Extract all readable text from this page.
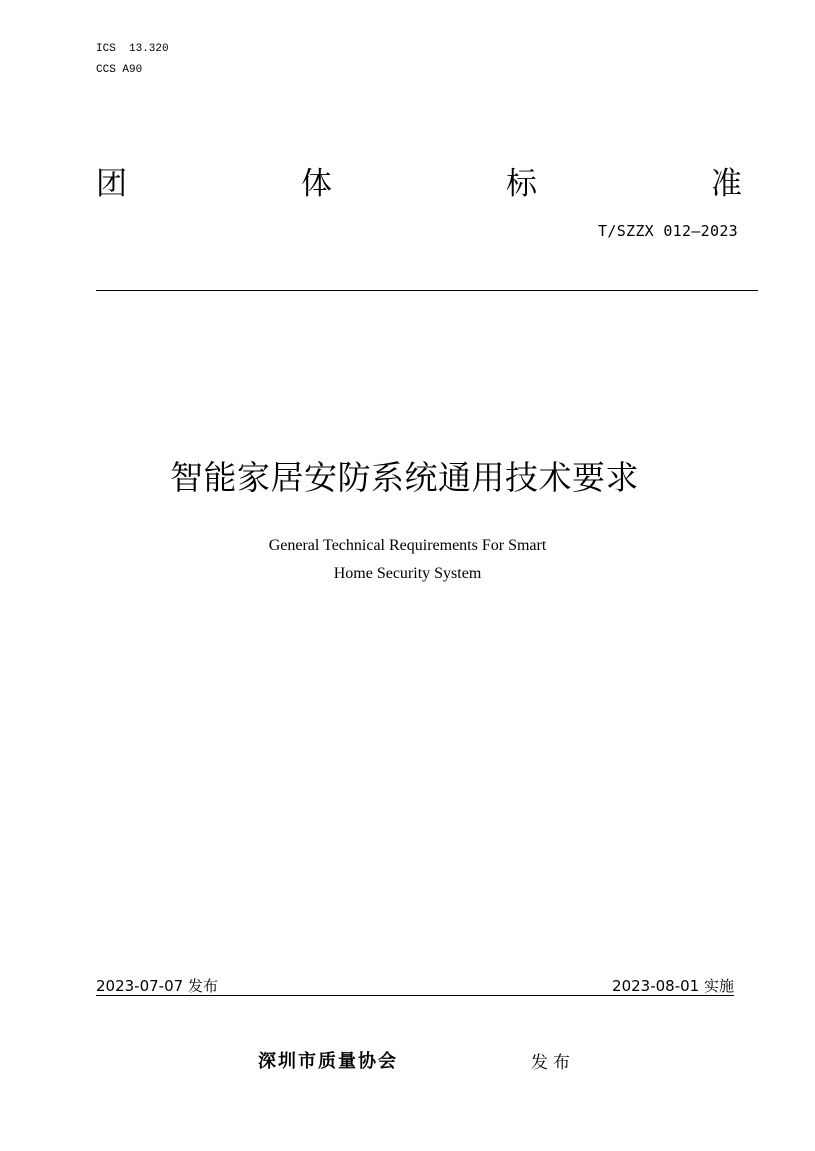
ICS  13.320
CCS A90
团	体	标	准
T/SZZX 012—2023
智能家居安防系统通用技术要求
General Technical Requirements For Smart
Home Security System
2023-07-07 发布	2023-08-01 实施
深圳市质量协会	发布
